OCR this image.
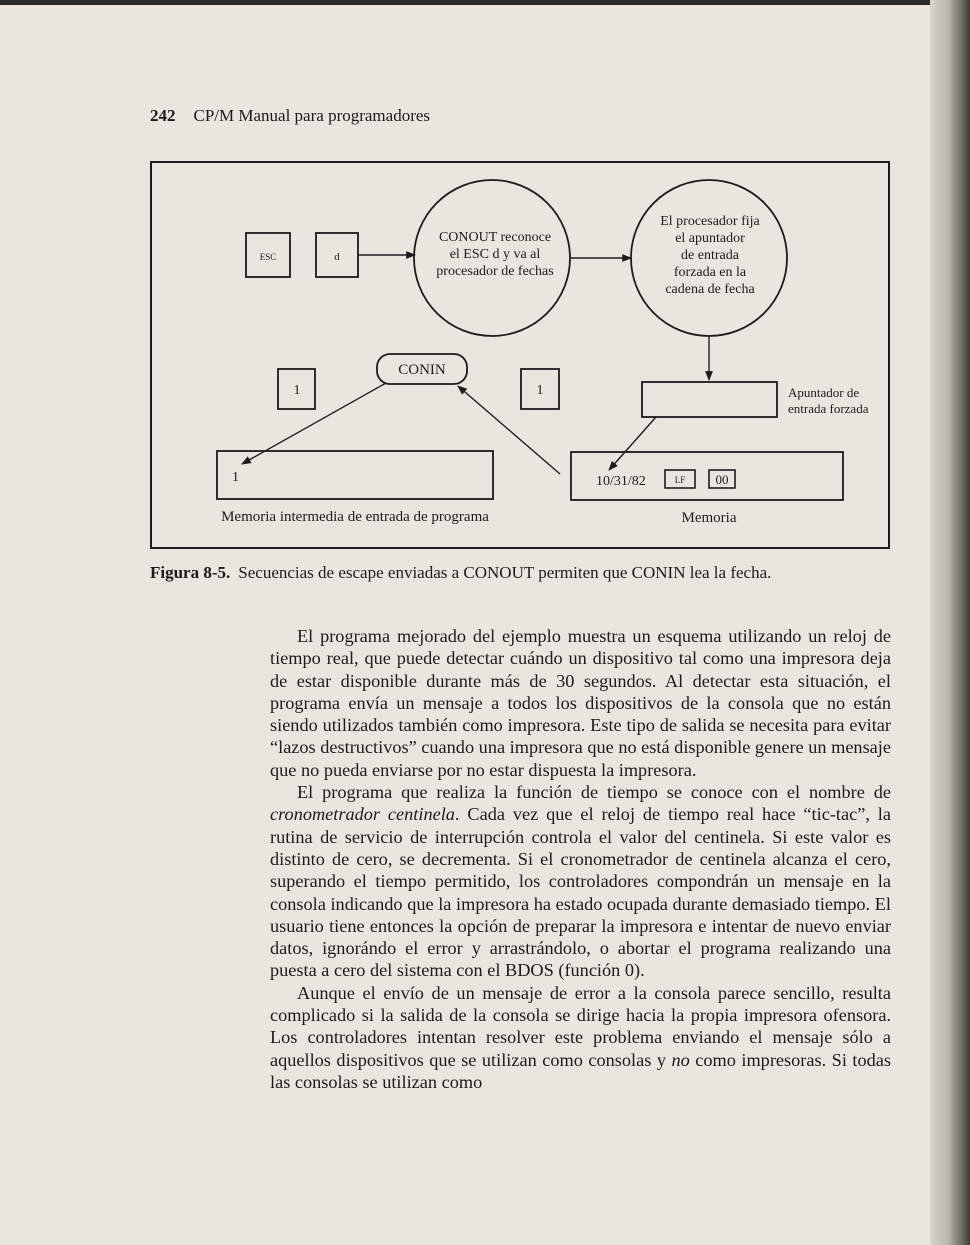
242 CP/M Manual para programadores
ESC	d
CONOUT reconoce
el ESC d y va al
procesador de fechas
El procesador fija
el apuntador
de entrada
forzada en la
cadena de fecha
Apuntador de
entrada forzada
CONIN
1	1
1	10/31/82	LF 00
Memoria intermedia de entrada de programa	Memoria
Figura 8-5. Secuencias de escape enviadas a CONOUT permiten que CONIN lea la fecha.

El programa mejorado del ejemplo muestra un esquema utilizando un reloj de tiempo real, que puede detectar cuándo un dispositivo tal como una impresora deja de estar disponible durante más de 30 segundos. Al detectar esta situación, el programa envía un mensaje a todos los dispositivos de la consola que no están siendo utilizados también como impresora. Este tipo de salida se necesita para evitar “lazos destructivos” cuando una impresora que no está disponible genere un mensaje que no pueda enviarse por no estar dispuesta la impresora.

El programa que realiza la función de tiempo se conoce con el nombre de cronometrador centinela. Cada vez que el reloj de tiempo real hace “tic-tac”, la rutina de servicio de interrupción controla el valor del centinela. Si este valor es distinto de cero, se decrementa. Si el cronometrador de centinela alcanza el cero, superando el tiempo permitido, los controladores compondrán un mensaje en la consola indicando que la impresora ha estado ocupada durante demasiado tiempo. El usuario tiene entonces la opción de preparar la impresora e intentar de nuevo enviar datos, ignorándo el error y arrastrándolo, o abortar el programa realizando una puesta a cero del sistema con el BDOS (función 0).

Aunque el envío de un mensaje de error a la consola parece sencillo, resulta complicado si la salida de la consola se dirige hacia la propia impresora ofensora. Los controladores intentan resolver este problema enviando el mensaje sólo a aquellos dispositivos que se utilizan como consolas y no como impresoras. Si todas las consolas se utilizan como
